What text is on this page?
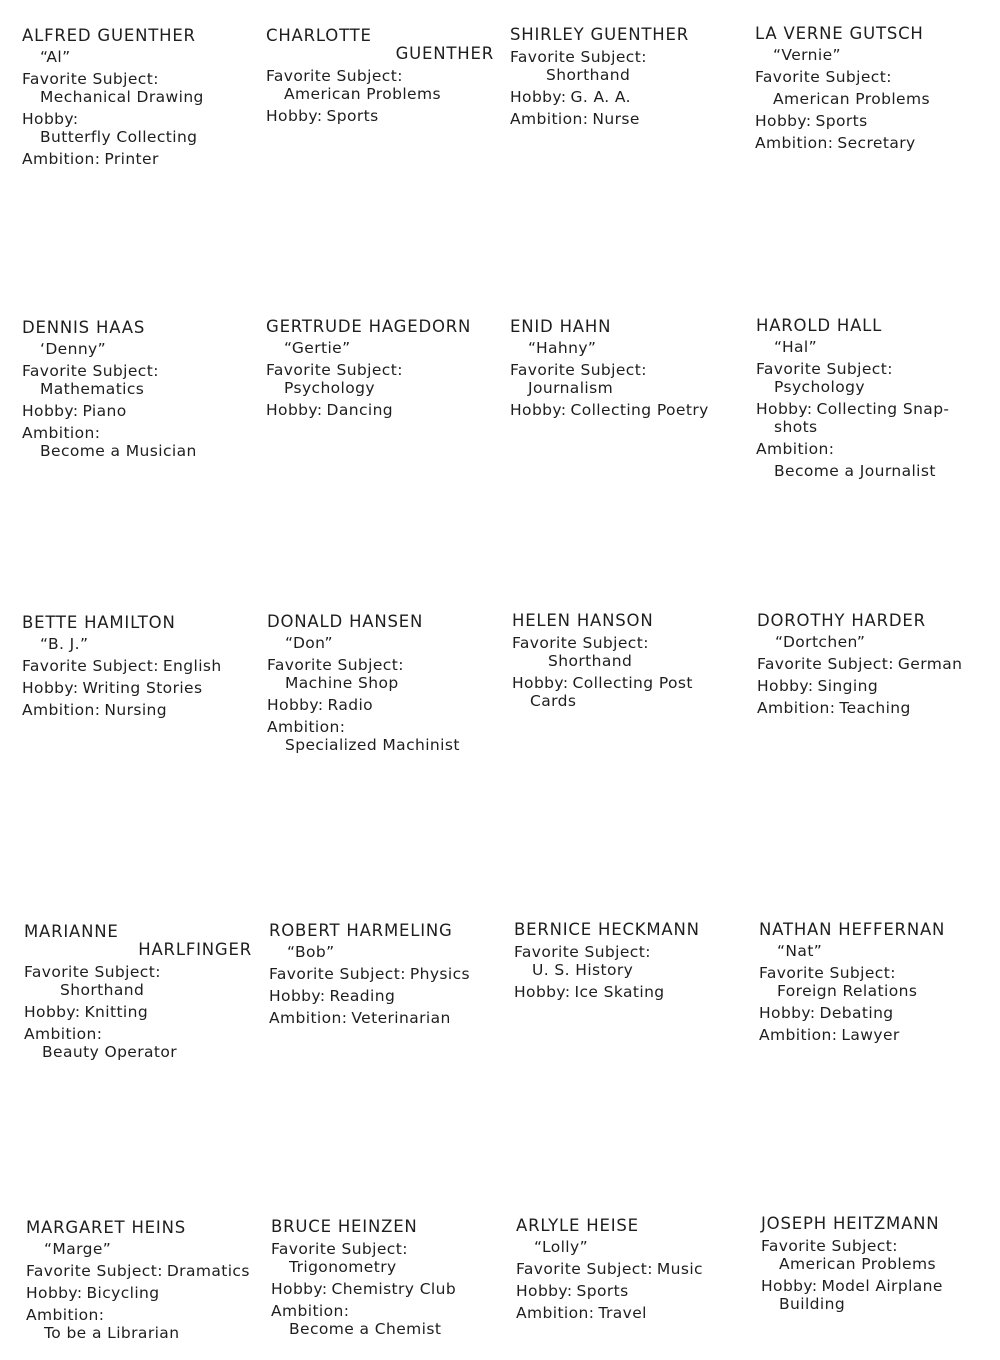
ALFRED GUENTHER
“Al”
Favorite Subject:
Mechanical Drawing
Hobby:
Butterfly Collecting
Ambition: Printer
CHARLOTTE
GUENTHER
Favorite Subject:
American Problems
Hobby: Sports
SHIRLEY GUENTHER
Favorite Subject:
Shorthand
Hobby: G. A. A.
Ambition: Nurse
LA VERNE GUTSCH
“Vernie”
Favorite Subject:
American Problems
Hobby: Sports
Ambition: Secretary
DENNIS HAAS
‘Denny”
Favorite Subject:
Mathematics
Hobby: Piano
Ambition:
Become a Musician
GERTRUDE HAGEDORN
“Gertie”
Favorite Subject:
Psychology
Hobby: Dancing
ENID HAHN
“Hahny”
Favorite Subject:
Journalism
Hobby: Collecting Poetry
HAROLD HALL
“Hal”
Favorite Subject:
Psychology
Hobby: Collecting Snap-
shots
Ambition:
Become a Journalist
BETTE HAMILTON
“B. J.”
Favorite Subject: English
Hobby: Writing Stories
Ambition: Nursing
DONALD HANSEN
“Don”
Favorite Subject:
Machine Shop
Hobby: Radio
Ambition:
Specialized Machinist
HELEN HANSON
Favorite Subject:
Shorthand
Hobby: Collecting Post
Cards
DOROTHY HARDER
“Dortchen”
Favorite Subject: German
Hobby: Singing
Ambition: Teaching
MARIANNE
HARLFINGER
Favorite Subject:
Shorthand
Hobby: Knitting
Ambition:
Beauty Operator
ROBERT HARMELING
“Bob”
Favorite Subject: Physics
Hobby: Reading
Ambition: Veterinarian
BERNICE HECKMANN
Favorite Subject:
U. S. History
Hobby: Ice Skating
NATHAN HEFFERNAN
“Nat”
Favorite Subject:
Foreign Relations
Hobby: Debating
Ambition: Lawyer
MARGARET HEINS
“Marge”
Favorite Subject: Dramatics
Hobby: Bicycling
Ambition:
To be a Librarian
BRUCE HEINZEN
Favorite Subject:
Trigonometry
Hobby: Chemistry Club
Ambition:
Become a Chemist
ARLYLE HEISE
“Lolly”
Favorite Subject: Music
Hobby: Sports
Ambition: Travel
JOSEPH HEITZMANN
Favorite Subject:
American Problems
Hobby: Model Airplane
Building
